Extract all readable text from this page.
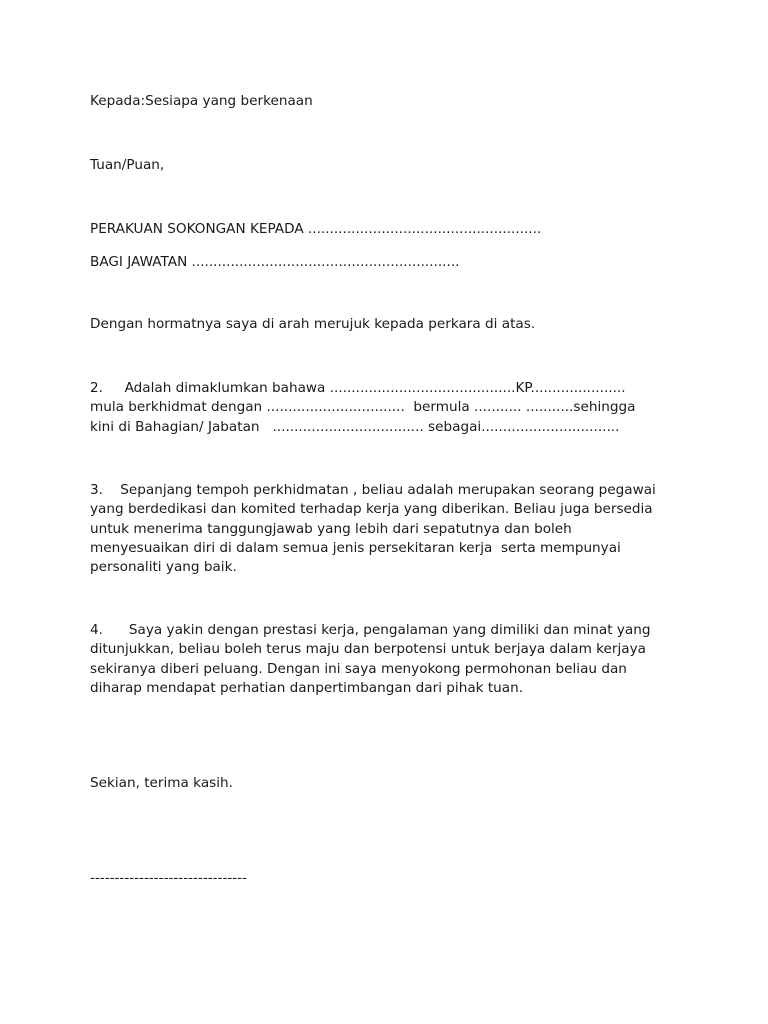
Kepada:Sesiapa yang berkenaan

Tuan/Puan,

PERAKUAN SOKONGAN KEPADA ......................................................

BAGI JAWATAN ..............................................................

Dengan hormatnya saya di arah merujuk kepada perkara di atas.

2.     Adalah dimaklumkan bahawa ...........................................KP......................
mula berkhidmat dengan ................................  bermula ........... ...........sehingga
kini di Bahagian/ Jabatan   ................................... sebagai................................
3.    Sepanjang tempoh perkhidmatan , beliau adalah merupakan seorang pegawai
yang berdedikasi dan komited terhadap kerja yang diberikan. Beliau juga bersedia
untuk menerima tanggungjawab yang lebih dari sepatutnya dan boleh
menyesuaikan diri di dalam semua jenis persekitaran kerja  serta mempunyai
personaliti yang baik.
4.      Saya yakin dengan prestasi kerja, pengalaman yang dimiliki dan minat yang
ditunjukkan, beliau boleh terus maju dan berpotensi untuk berjaya dalam kerjaya
sekiranya diberi peluang. Dengan ini saya menyokong permohonan beliau dan
diharap mendapat perhatian danpertimbangan dari pihak tuan.

Sekian, terima kasih.

--------------------------------
